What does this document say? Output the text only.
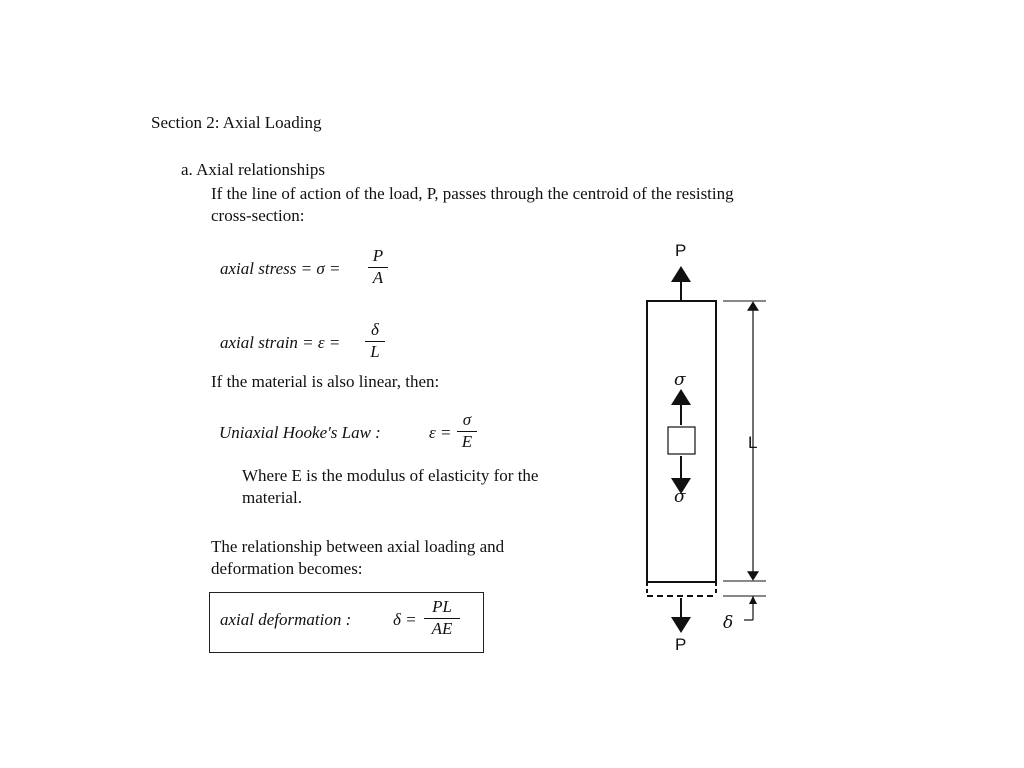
Section 2: Axial Loading
a. Axial relationships
If the line of action of the load, P, passes through the centroid of the resisting
cross-section:
axial stress = σ =
P
A
axial strain = ε =
δ
L
If the material is also linear, then:
Uniaxial Hooke's Law :	ε =
σ
E
Where E is the modulus of elasticity for the
material.
The relationship between axial loading and
deformation becomes:
axial deformation : δ =
PL
AE
P
σ
σ
L
δ
P
